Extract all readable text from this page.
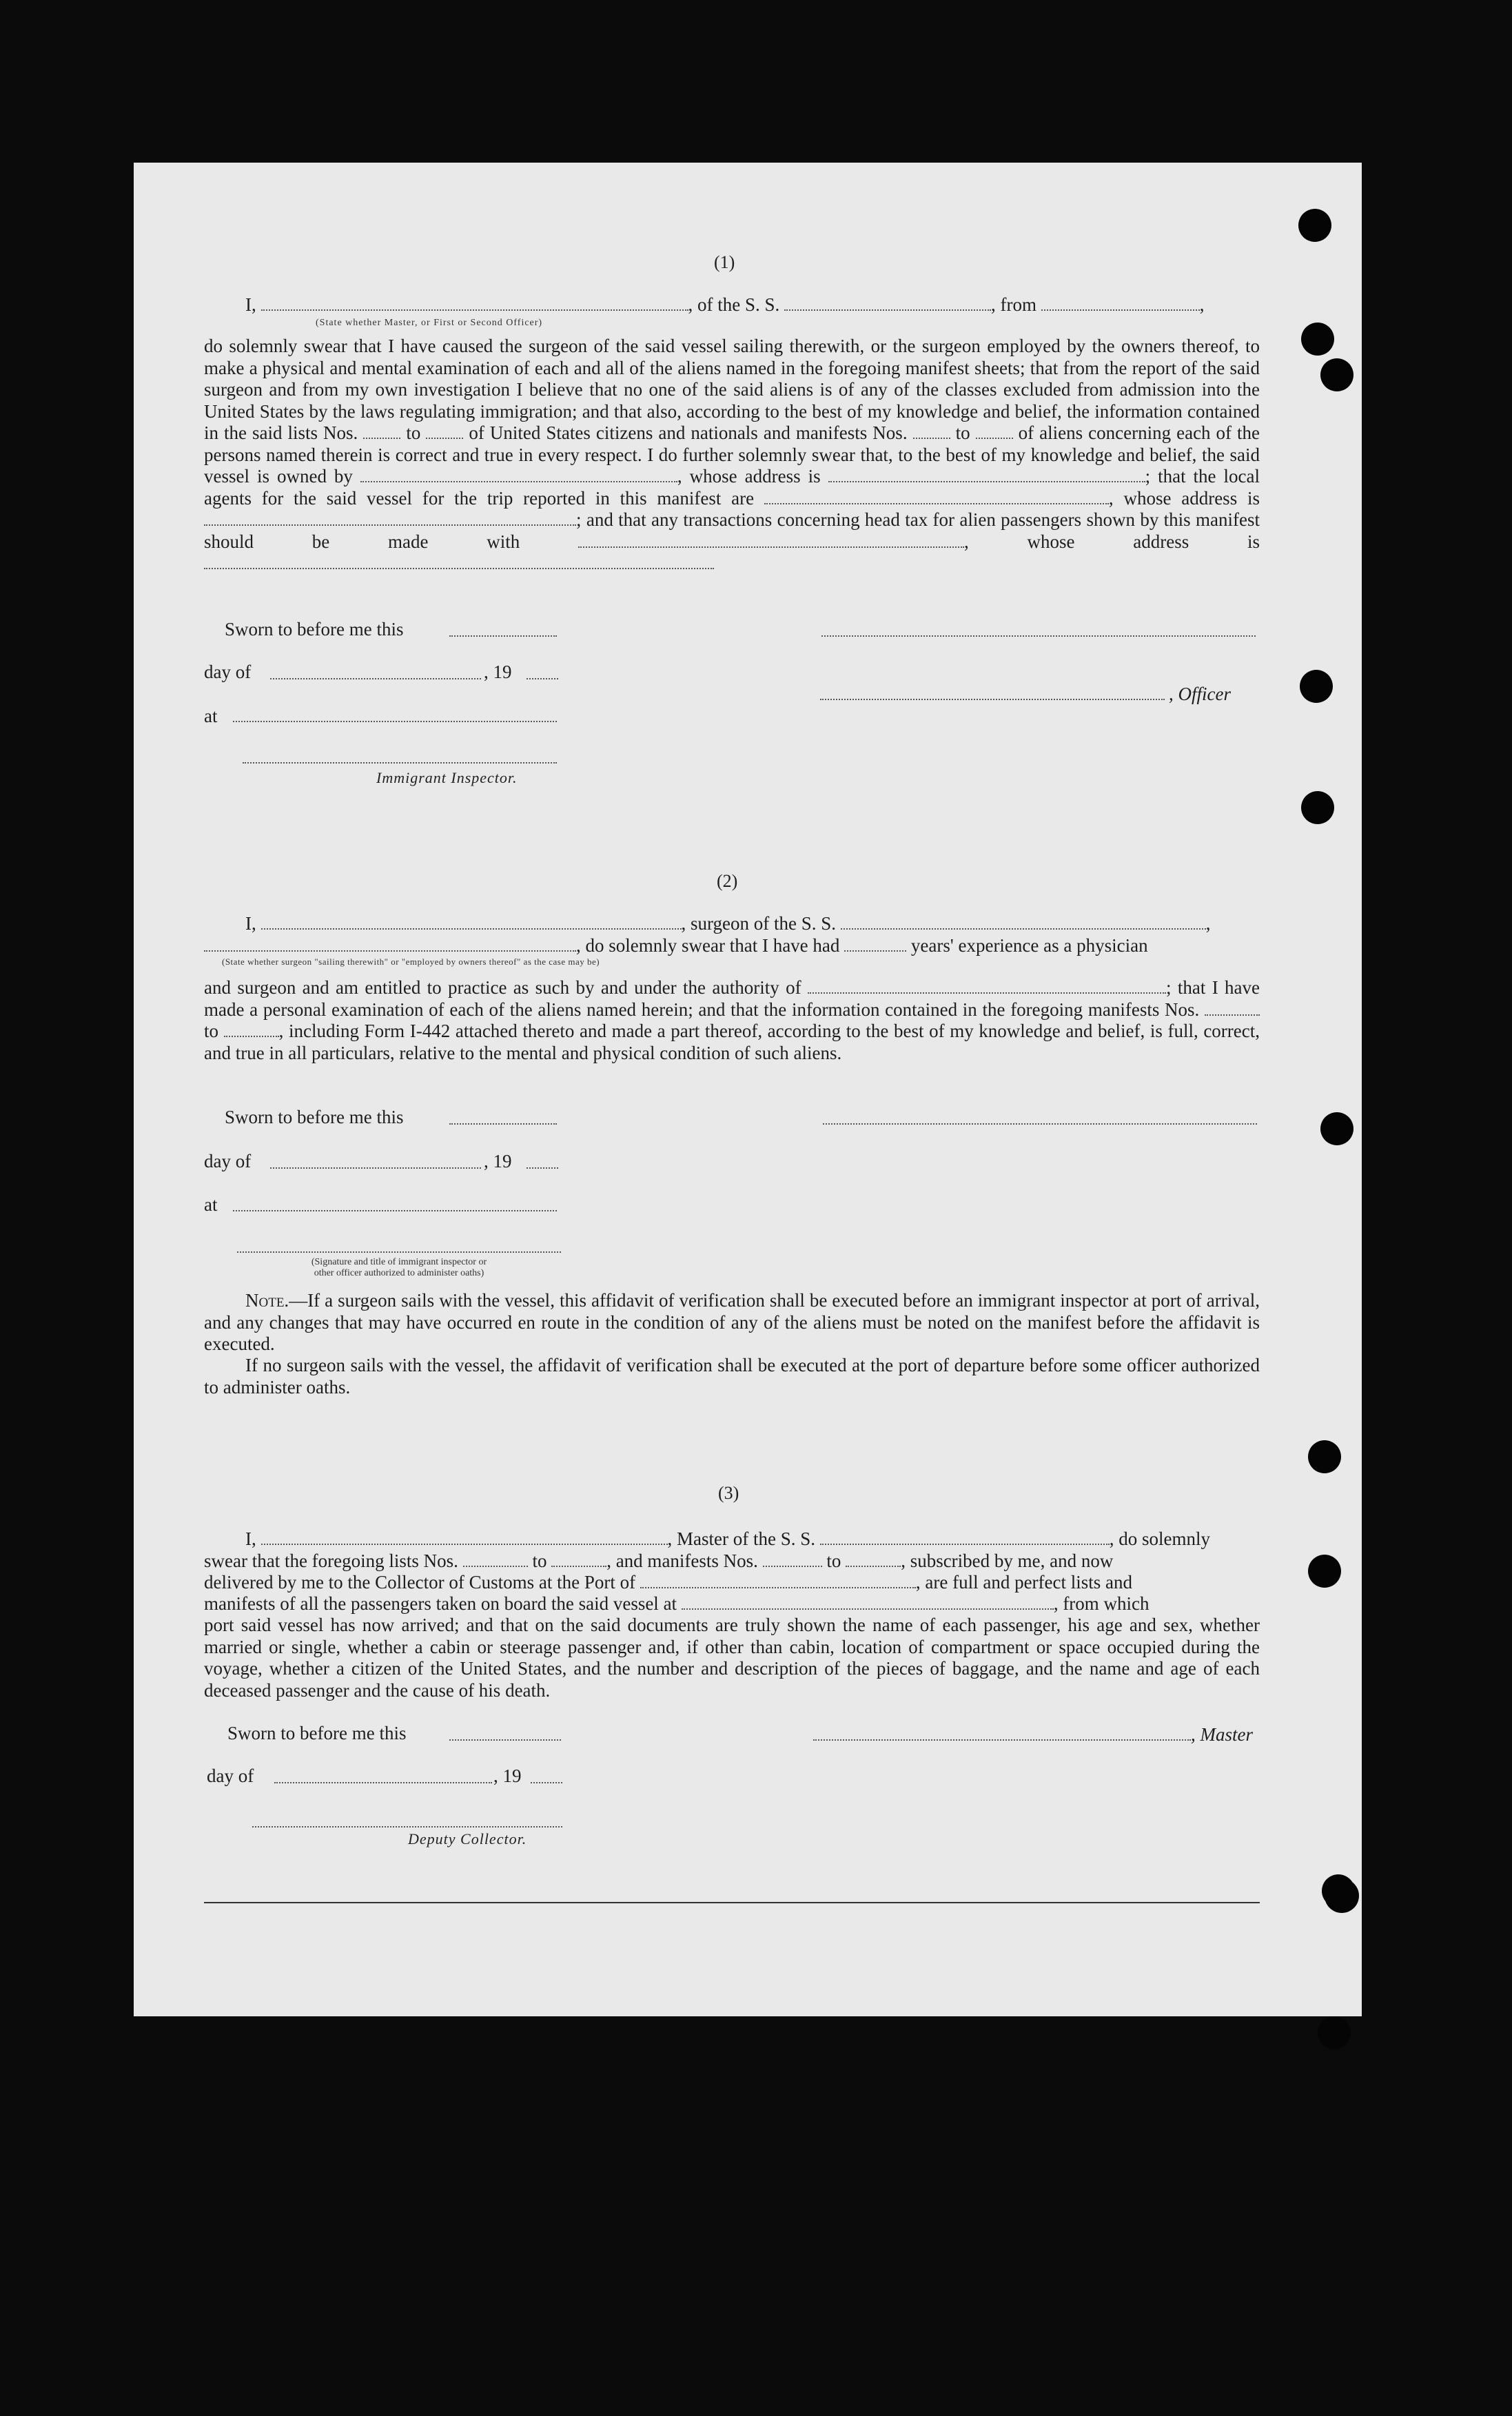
(1)
I,	, of the S. S.	, from	,
(State whether Master, or First or Second Officer)
do solemnly swear that I have caused the surgeon of the said vessel sailing therewith, or the surgeon employed by the owners thereof, to make a physical and mental examination of each and all of the aliens named in the foregoing manifest sheets; that from the report of the said surgeon and from my own investigation I believe that no one of the said aliens is of any of the classes excluded from admission into the United States by the laws regulating immigration; and that also, according to the best of my knowledge and belief, the information contained in the said lists Nos.	to	of United States citizens and nationals and manifests Nos.	to	of aliens concerning each of the persons named therein is correct and true in every respect. I do further solemnly swear that, to the best of my knowledge and belief, the said vessel is owned by	, whose address is	; that the local agents for the said vessel for the trip reported in this manifest are	, whose address is ; and that any transactions concerning head tax for alien passengers shown by this manifest should be made with	, whose address is
Sworn to before me this
day of	, 19
, Officer
at
Immigrant Inspector.
(2)
I,	, surgeon of the S. S.	,
, do solemnly swear that I have had	years' experience as a physician
(State whether surgeon "sailing therewith" or "employed by owners thereof" as the case may be)
and surgeon and am entitled to practice as such by and under the authority of	; that I have made a personal examination of each of the aliens named herein; and that the information contained in the foregoing manifests Nos.  to	, including Form I-442 attached thereto and made a part thereof, according to the best of my knowledge and belief, is full, correct, and true in all particulars, relative to the mental and physical condition of such aliens.
Sworn to before me this
day of	, 19
at
(Signature and title of immigrant inspector or
other officer authorized to administer oaths)
Note.—If a surgeon sails with the vessel, this affidavit of verification shall be executed before an immigrant inspector at port of arrival, and any changes that may have occurred en route in the condition of any of the aliens must be noted on the manifest before the affidavit is executed.
If no surgeon sails with the vessel, the affidavit of verification shall be executed at the port of departure before some officer authorized to administer oaths.
(3)
I,	, Master of the S. S.	, do solemnly
swear that the foregoing lists Nos.	to	, and manifests Nos.	to	, subscribed by me, and now
delivered by me to the Collector of Customs at the Port of	, are full and perfect lists and
manifests of all the passengers taken on board the said vessel at	, from which
port said vessel has now arrived; and that on the said documents are truly shown the name of each passenger, his age and sex, whether married or single, whether a cabin or steerage passenger and, if other than cabin, location of compartment or space occupied during the voyage, whether a citizen of the United States, and the number and description of the pieces of baggage, and the name and age of each deceased passenger and the cause of his death.
Sworn to before me this	, Master
day of	, 19
Deputy Collector.
